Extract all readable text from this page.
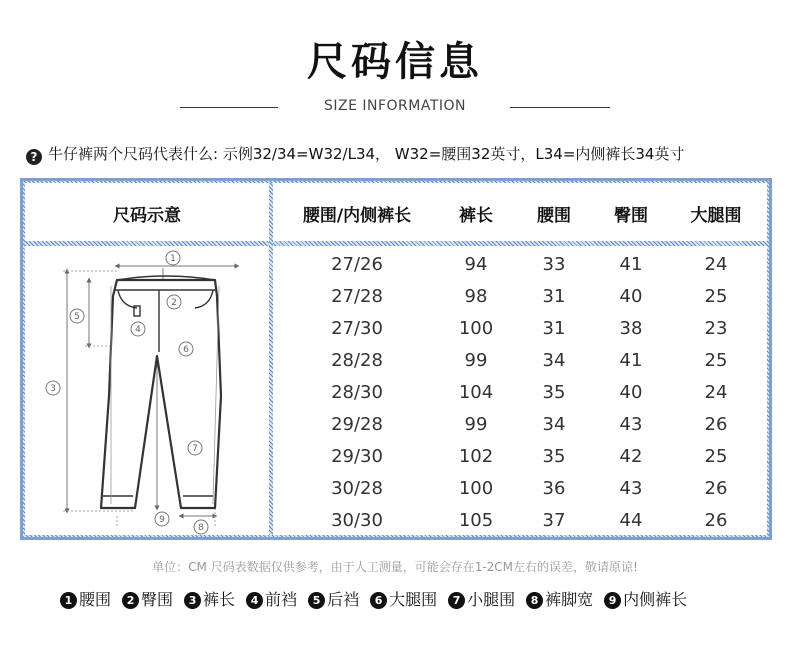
尺码信息
SIZE INFORMATION
? 牛仔裤两个尺码代表什么: 示例32/34=W32/L34， W32=腰围32英寸，L34=内侧裤长34英寸
尺码示意	腰围/内侧裤长	裤长	腰围	臀围	大腿围
27/26	94	33	41	24
27/28	98	31	40	25
27/30	100	31	38	23
28/28	99	34	41	25
28/30	104	35	40	24
29/28	99	34	43	26
29/30	102	35	42	25
30/28	100	36	43	26
30/30	105	37	44	26
1
2
3
4
5
6
7
8
9
单位：CM 尺码表数据仅供参考，由于人工测量，可能会存在1-2CM左右的误差，敬请原谅!
1 腰围 2 臀围 3 裤长 4 前裆 5 后裆 6 大腿围 7 小腿围 8 裤脚宽 9 内侧裤长
